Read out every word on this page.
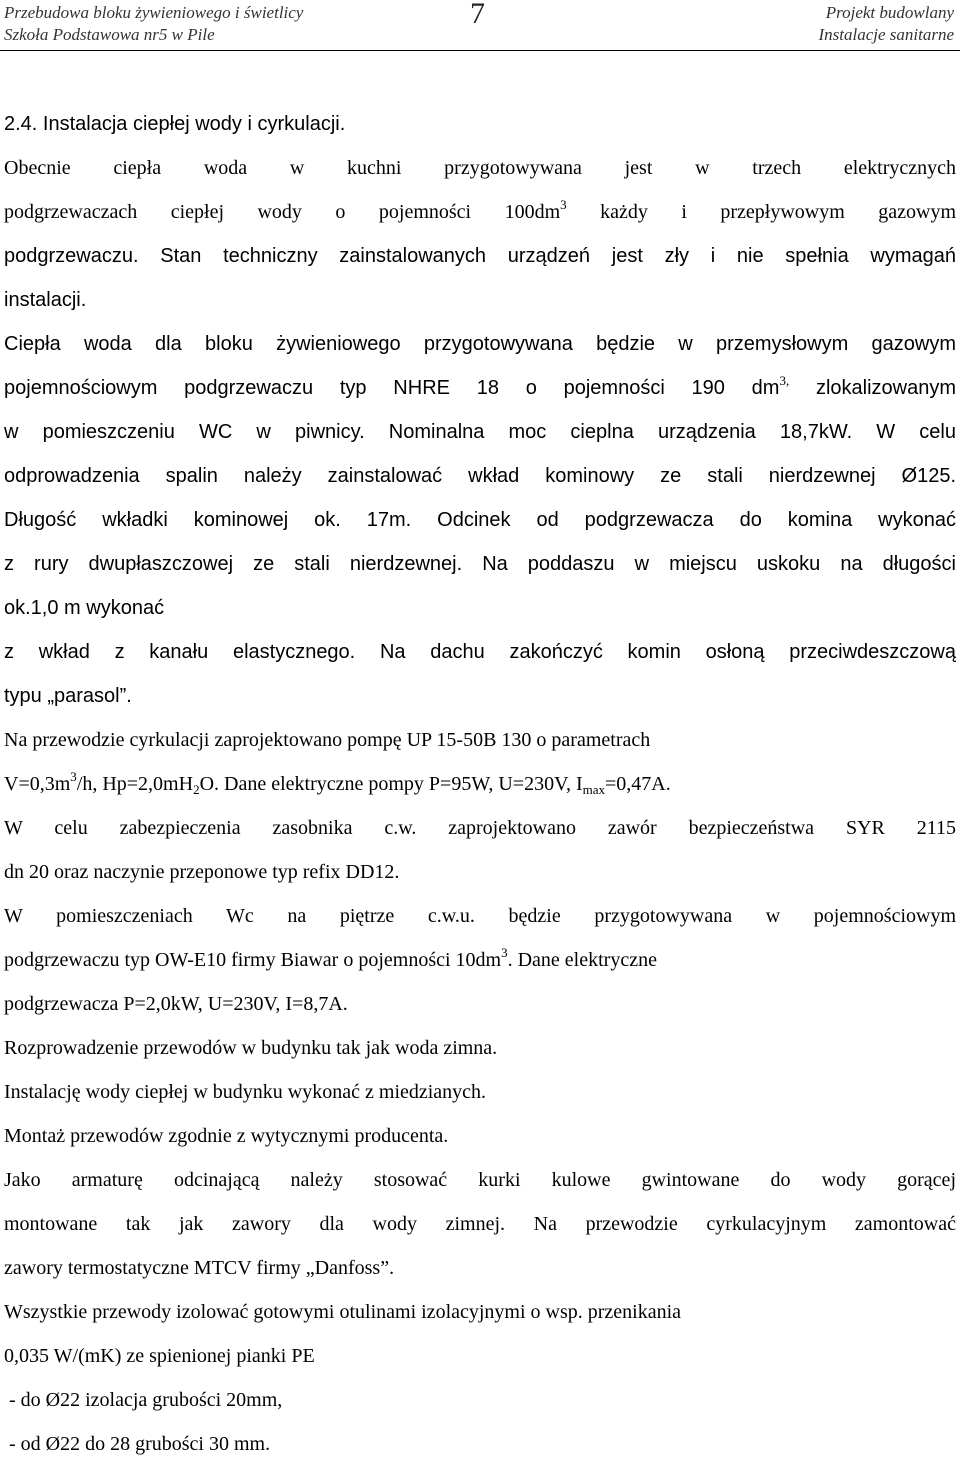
Przebudowa bloku żywieniowego i świetlicy
Szkoła Podstawowa nr5 w Pile
7	Projekt budowlany
Instalacje sanitarne
2.4. Instalacja ciepłej wody i cyrkulacji.
Obecnie ciepła woda w kuchni przygotowywana jest w trzech elektrycznych
podgrzewaczach ciepłej wody o pojemności $100dm^3$ każdy i przepływowym gazowym
podgrzewaczu. Stan techniczny zainstalowanych urządzeń jest zły i nie spełnia wymagań
instalacji.
Ciepła woda dla bloku żywieniowego przygotowywana będzie w przemysłowym gazowym
pojemnościowym podgrzewaczu typ NHRE 18 o pojemności 190 $dm^{3,}$ zlokalizowanym
w pomieszczeniu WC w piwnicy. Nominalna moc cieplna urządzenia 18,7kW. W celu
odprowadzenia spalin należy zainstalować wkład kominowy ze stali nierdzewnej Ø125.
Długość wkładki kominowej ok. 17m. Odcinek od podgrzewacza do komina wykonać
z rury dwupłaszczowej ze stali nierdzewnej. Na poddaszu w miejscu uskoku na długości
ok.1,0 m wykonać
z wkład z kanału elastycznego. Na dachu zakończyć komin osłoną przeciwdeszczową
typu „parasol”.
Na przewodzie cyrkulacji zaprojektowano pompę UP 15-50B 130 o parametrach
$V=0,3m^3/h$, $Hp=2,0mH_2O$. Dane elektryczne pompy P=95W, U=230V, $I_{max}=0,47A$.
W celu zabezpieczenia zasobnika c.w. zaprojektowano zawór bezpieczeństwa SYR 2115
dn 20 oraz naczynie przeponowe typ refix DD12.
W pomieszczeniach Wc na piętrze c.w.u. będzie przygotowywana w pojemnościowym
podgrzewaczu typ OW-E10 firmy Biawar o pojemności $10dm^3$. Dane elektryczne
podgrzewacza P=2,0kW, U=230V, I=8,7A.
Rozprowadzenie przewodów w budynku tak jak woda zimna.
Instalację wody ciepłej w budynku wykonać z miedzianych.
Montaż przewodów zgodnie z wytycznymi producenta.
Jako armaturę odcinającą należy stosować kurki kulowe gwintowane do wody gorącej
montowane tak jak zawory dla wody zimnej. Na przewodzie cyrkulacyjnym zamontować
zawory termostatyczne MTCV firmy „Danfoss”.
Wszystkie przewody izolować gotowymi otulinami izolacyjnymi o wsp. przenikania
0,035 W/(mK) ze spienionej pianki PE
- do Ø22 izolacja grubości 20mm,
- od Ø22 do 28 grubości 30 mm.
